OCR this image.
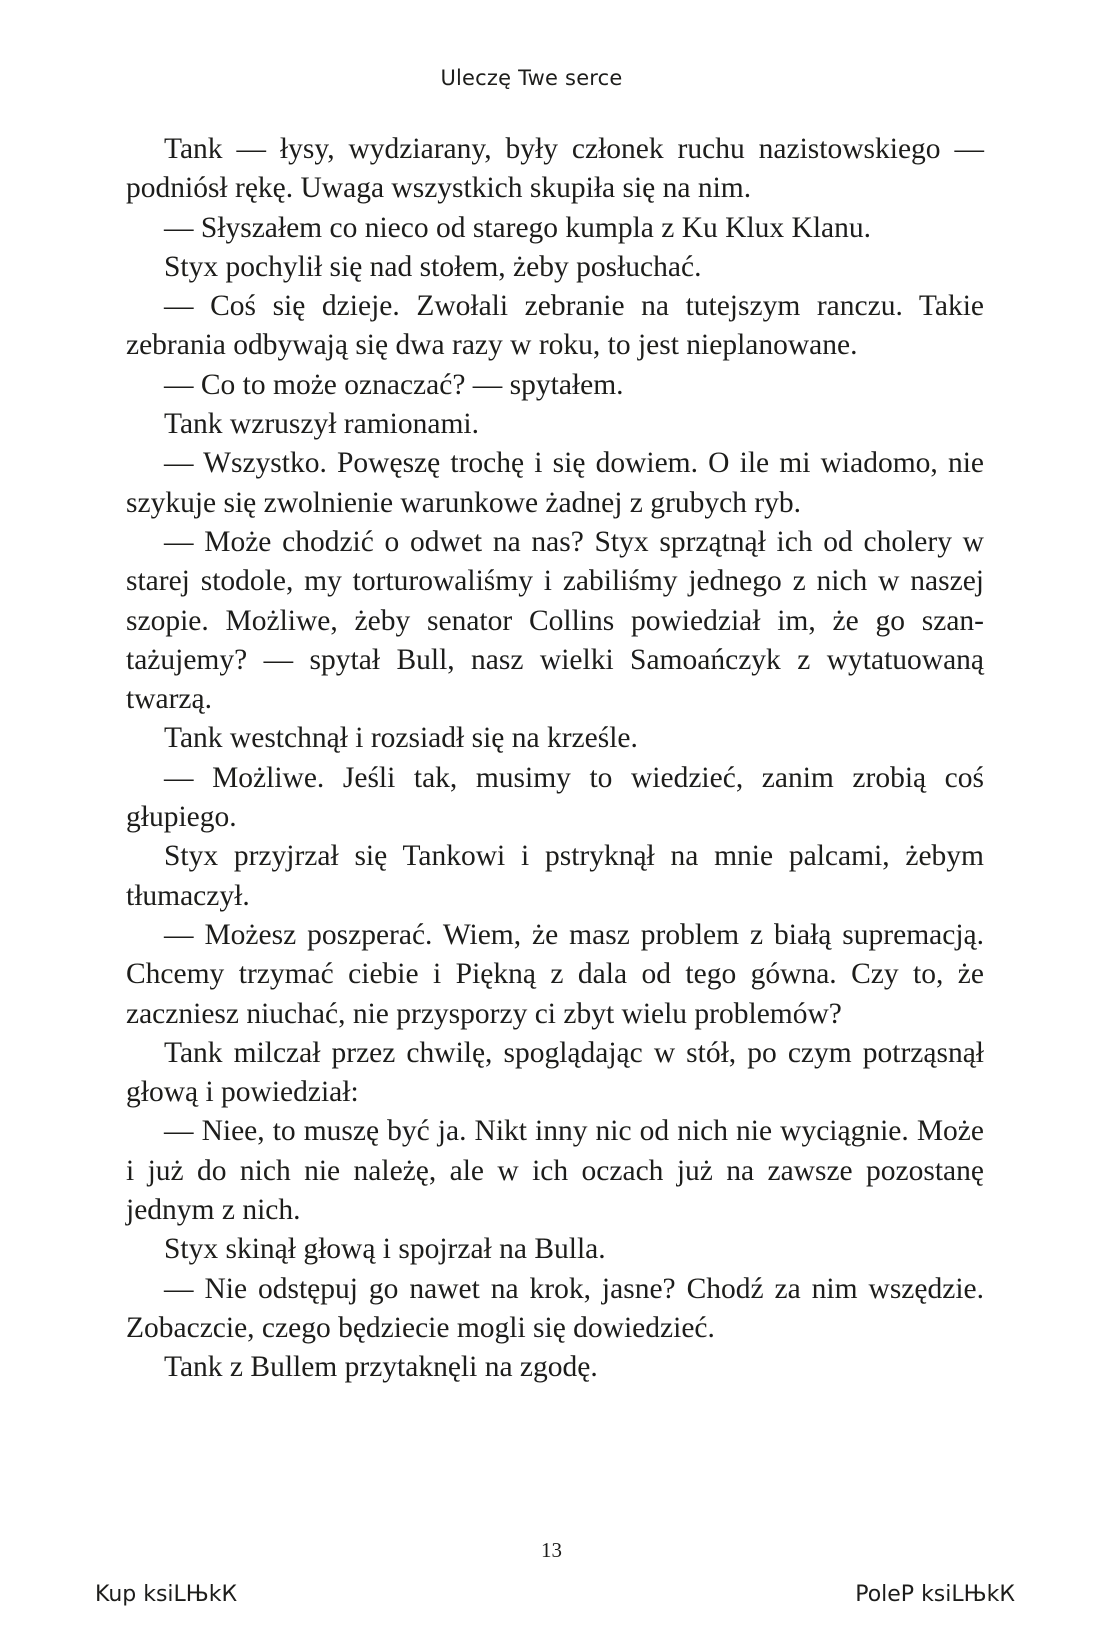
Uleczę Twe serce

Tank — łysy, wydziarany, były członek ruchu nazistowskiego — podniósł rękę. Uwaga wszystkich skupiła się na nim.

— Słyszałem co nieco od starego kumpla z Ku Klux Klanu.

Styx pochylił się nad stołem, żeby posłuchać.

— Coś się dzieje. Zwołali zebranie na tutejszym ranczu. Takie zebrania odbywają się dwa razy w roku, to jest nieplanowane.

— Co to może oznaczać? — spytałem.

Tank wzruszył ramionami.

— Wszystko. Powęszę trochę i się dowiem. O ile mi wiadomo, nie szykuje się zwolnienie warunkowe żadnej z grubych ryb.

— Może chodzić o odwet na nas? Styx sprzątnął ich od cholery w starej stodole, my torturowaliśmy i zabiliśmy jednego z nich w naszej szopie. Możliwe, żeby senator Collins powiedział im, że go szantażujemy? — spytał Bull, nasz wielki Samoańczyk z wytatuowaną twarzą.

Tank westchnął i rozsiadł się na krześle.

— Możliwe. Jeśli tak, musimy to wiedzieć, zanim zrobią coś głupiego.

Styx przyjrzał się Tankowi i pstryknął na mnie palcami, żebym tłumaczył.

— Możesz poszperać. Wiem, że masz problem z białą supremacją. Chcemy trzymać ciebie i Piękną z dala od tego gówna. Czy to, że zaczniesz niuchać, nie przysporzy ci zbyt wielu problemów?

Tank milczał przez chwilę, spoglądając w stół, po czym potrząsnął głową i powiedział:

— Niee, to muszę być ja. Nikt inny nic od nich nie wyciągnie. Może i już do nich nie należę, ale w ich oczach już na zawsze pozostanę jednym z nich.

Styx skinął głową i spojrzał na Bulla.

— Nie odstępuj go nawet na krok, jasne? Chodź za nim wszędzie. Zobaczcie, czego będziecie mogli się dowiedzieć.

Tank z Bullem przytaknęli na zgodę.

13
Kup ksiLЊkК	PoleР ksiLЊkК
